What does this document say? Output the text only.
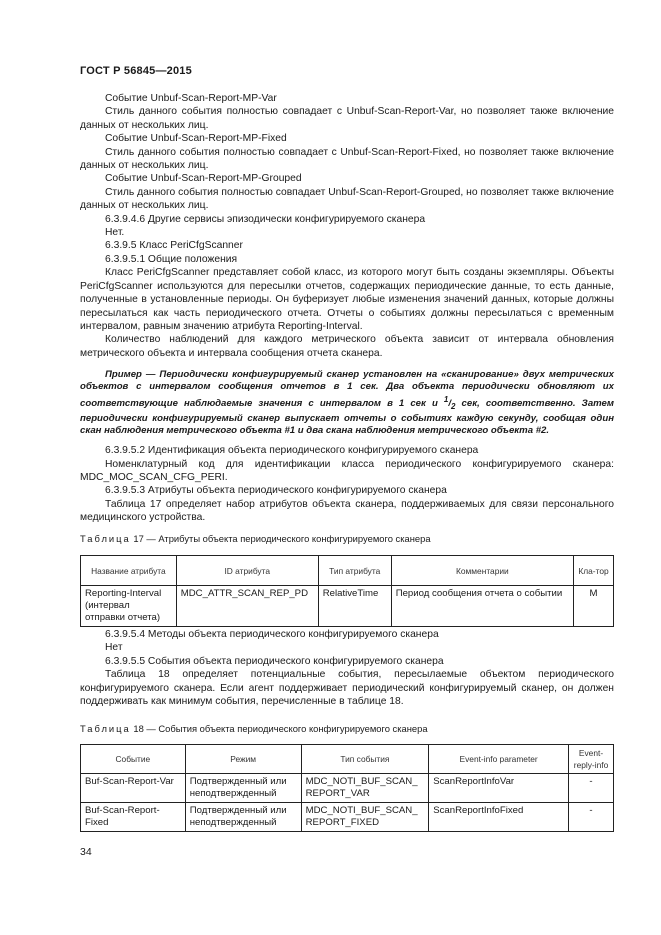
ГОСТ Р 56845—2015

Событие Unbuf-Scan-Report-MP-Var

Стиль данного события полностью совпадает с Unbuf-Scan-Report-Var, но позволяет также включение данных от нескольких лиц.

Событие Unbuf-Scan-Report-MP-Fixed

Стиль данного события полностью совпадает с Unbuf-Scan-Report-Fixed, но позволяет также включение данных от нескольких лиц.

Событие Unbuf-Scan-Report-MP-Grouped

Стиль данного события полностью совпадает Unbuf-Scan-Report-Grouped, но позволяет также включение данных от нескольких лиц.

6.3.9.4.6 Другие сервисы эпизодически конфигурируемого сканера

Нет.

6.3.9.5 Класс PeriCfgScanner

6.3.9.5.1 Общие положения

Класс PeriCfgScanner представляет собой класс, из которого могут быть созданы экземпляры. Объекты PeriCfgScanner используются для пересылки отчетов, содержащих периодические данные, то есть данные, полученные в установленные периоды. Он буферизует любые изменения значений данных, которые должны пересылаться как часть периодического отчета. Отчеты о событиях должны пересылаться с временным интервалом, равным значению атрибута Reporting-Interval.

Количество наблюдений для каждого метрического объекта зависит от интервала обновления метрического объекта и интервала сообщения отчета сканера.

Пример — Периодически конфигурируемый сканер установлен на «сканирование» двух метрических объектов с интервалом сообщения отчетов в 1 сек. Два объекта периодически обновляют их соответствующие наблюдаемые значения с интервалом в 1 сек и $^1/_2$ сек, соответственно. Затем периодически конфигурируемый сканер выпускает отчеты о событиях каждую секунду, сообщая один скан наблюдения метрического объекта #1 и два скана наблюдения метрического объекта #2.

6.3.9.5.2 Идентификация объекта периодического конфигурируемого сканера

Номенклатурный код для идентификации класса периодического конфигурируемого сканера: MDC_MOC_SCAN_CFG_PERI.

6.3.9.5.3 Атрибуты объекта периодического конфигурируемого сканера

Таблица 17 определяет набор атрибутов объекта сканера, поддерживаемых для связи персонального медицинского устройства.

Таблица 17 — Атрибуты объекта периодического конфигурируемого сканера
Название атрибута	ID атрибута	Тип атрибута	Комментарии	Кла-тор
Reporting-Interval (интервал отправки отчета)	MDC_ATTR_SCAN_REP_PD	RelativeTime	Период сообщения отчета о событии	M

6.3.9.5.4 Методы объекта периодического конфигурируемого сканера

Нет

6.3.9.5.5 События объекта периодического конфигурируемого сканера

Таблица 18 определяет потенциальные события, пересылаемые объектом периодического конфигурируемого сканера. Если агент поддерживает периодический конфигурируемый сканер, он должен поддерживать как минимум события, перечисленные в таблице 18.

Таблица 18 — События объекта периодического конфигурируемого сканера
Событие	Режим	Тип события	Event-info parameter	Event-reply-info
Buf-Scan-Report-Var	Подтвержденный или неподтвержденный	MDC_NOTI_BUF_SCAN_REPORT_VAR	ScanReportInfoVar	-
Buf-Scan-Report-Fixed	Подтвержденный или неподтвержденный	MDC_NOTI_BUF_SCAN_REPORT_FIXED	ScanReportInfoFixed	-
34
